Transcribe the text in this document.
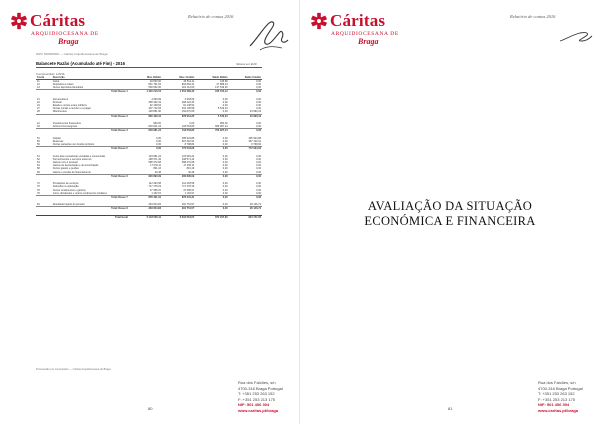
Cáritas
ARQUIDIOCESANA DE
Braga
Relatório de contas 2016
NIPC 500000000 — Cáritas Arquidiocesana de Braga
Balancete Razão (Acumulado até Fim) - 2016	Valores em EUR
Compreendido: 1/2016
Conta	Descrição	Mov. Débito	Mov. Crédito	Saldo Débito	Saldo Crédito
11	Caixa	49 830,00	49 514,11	315,89	0,00
12	Depósitos à ordem	831 751,54	803 862,31	27 889,23	0,00
13	Outros depósitos bancários	538 632,00	401 113,00	137 519,00	0,00
	Total Classe 1	1 420 213,54	1 254 489,42	165 724,12	0,00

21	Fornecedores	3 283,69	3 283,69	0,00	0,00
22	Pessoal	258 422,34	258 422,34	0,00	0,00
24	Estado e outros entes públicos	62 138,54	62 138,54	0,00	0,00
27	Outras contas a receber e a pagar	407 712,63	402 196,59	5 516,04	0,00
28	Diferimentos	128 881,90	152 872,09	0,00	23 990,19
	Total Classe 2	860 439,10	878 913,25	5 516,04	23 990,19

41	Investimentos financeiros	960,00	0,00	960,00	0,00
43	Activos fixos tangíveis	818 021,24	118 053,80	699 967,44	0,00
	Total Classe 4	818 981,24	118 053,80	700 927,44	0,00

51	Capital	0,00	395 924,88	0,00	395 924,88
56	Reservas	0,00	367 310,91	0,00	367 310,91
59	Outras variações nos fundos próprios	0,00	8 798,84	0,00	8 798,84
	Total Classe 5	0,00	772 034,63	0,00	772 034,63

61	Custo das mercadorias vendidas e consumidas	115 981,24	115 981,24	0,00	0,00
62	Fornecimentos e serviços externos	168 571,42	168 571,42	0,00	0,00
63	Gastos com o pessoal	598 372,68	598 372,68	0,00	0,00
64	Gastos de depreciação e de amortização	17 033,11	17 033,11	0,00	0,00
68	Outros gastos e perdas	891,16	891,16	0,00	0,00
69	Gastos e perdas de financiamento	40,48	40,48	0,00	0,00
	Total Classe 6	900 890,09	900 890,09	0,00	0,00

72	Prestações de serviços	112 463,58	112 463,58	0,00	0,00
75	Subsídios à exploração	717 378,19	717 378,19	0,00	0,00
78	Outros rendimentos e ganhos	47 396,97	47 396,97	0,00	0,00
79	Juros, dividendos e outros rendimentos similares	1 162,57	1 162,57	0,00	0,00
	Total Classe 7	878 401,31	878 401,31	0,00	0,00

81	Resultado líquido do período	263 604,83	291 751,57	0,00	28 146,74
	Total Classe 8	263 604,83	291 751,57	0,00	28 146,74

	Total Geral	5 142 530,11	5 094 534,07	872 167,60	824 171,56
Processado por computador — Cáritas Arquidiocesana de Braga
80
Rua dos Falcões, s/n
4700-316 Braga Portugal
T: +351 253 263 152
F: +351 253 213 175
NIF: 501 406 394
www.caritas.pt/braga
Cáritas
ARQUIDIOCESANA DE
Braga
Relatório de contas 2016
AVALIAÇÃO DA SITUAÇÃO
ECONÓMICA E FINANCEIRA
81
Rua dos Falcões, s/n
4700-316 Braga Portugal
T: +351 253 263 152
F: +351 253 213 175
NIF: 501 406 394
www.caritas.pt/braga
